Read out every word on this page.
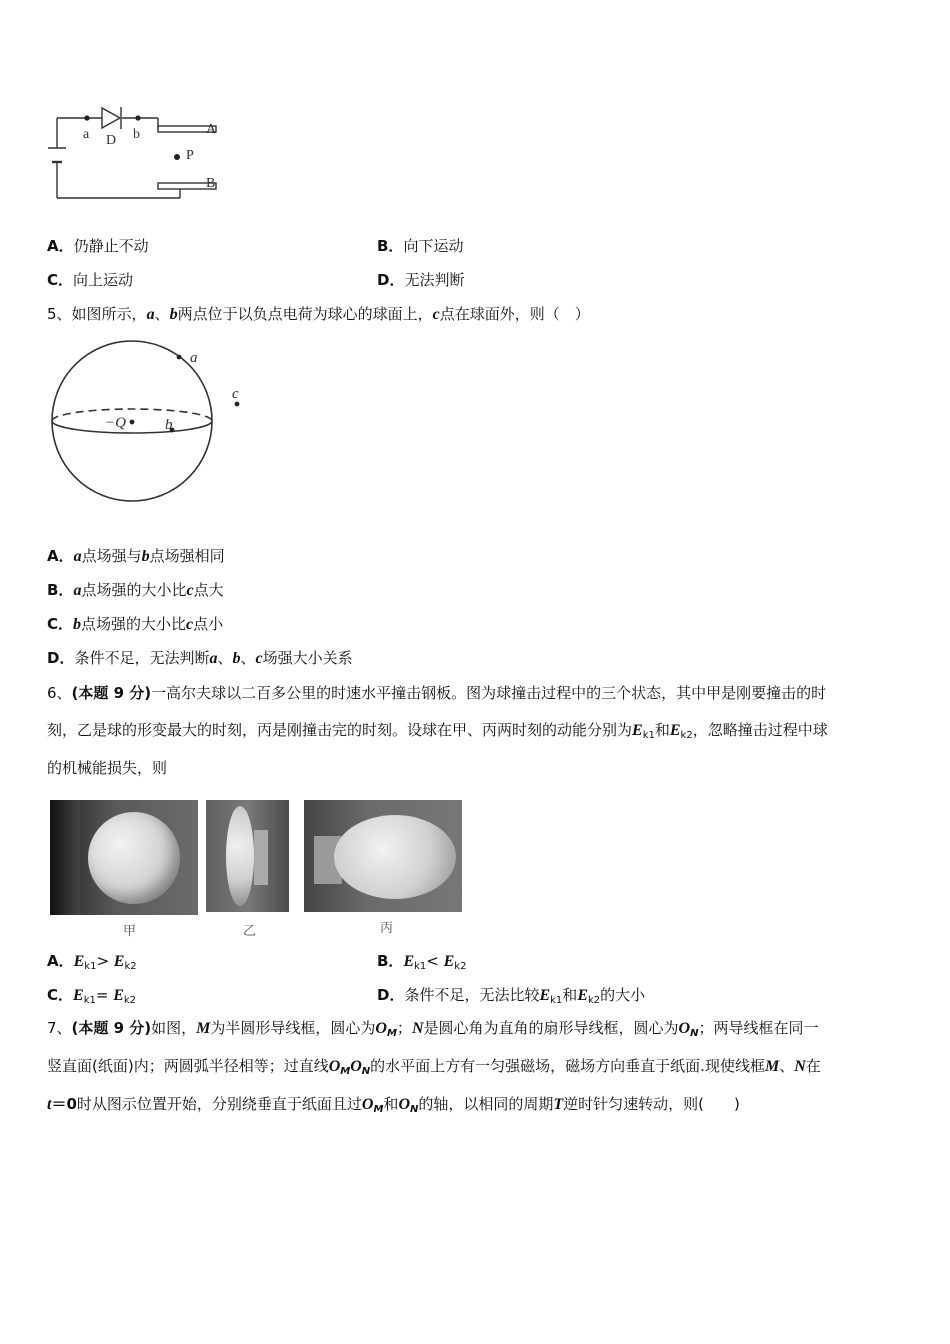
a	b
D
A
B
P
A．仍静止不动	B．向下运动
C．向上运动	D．无法判断
5、如图所示，a、b两点位于以负点电荷为球心的球面上，c点在球面外，则（　）
−Q
a
b
c
A．a点场强与b点场强相同
B．a点场强的大小比c点大
C．b点场强的大小比c点小
D．条件不足，无法判断a、b、c场强大小关系
6、(本题 9 分)一高尔夫球以二百多公里的时速水平撞击钢板。图为球撞击过程中的三个状态，其中甲是刚要撞击的时
刻，乙是球的形变最大的时刻，丙是刚撞击完的时刻。设球在甲、丙两时刻的动能分别为$E_{k1}$和$E_{k2}$，忽略撞击过程中球
的机械能损失，则
甲	乙	丙
A．$E_{k1}> E_{k2}$	B．$E_{k1}< E_{k2}$
C．$E_{k1}= E_{k2}$	D．条件不足，无法比较$E_{k1}$和$E_{k2}$的大小
7、(本题 9 分)如图，M为半圆形导线框，圆心为$O_M$；N是圆心角为直角的扇形导线框，圆心为$O_N$；两导线框在同一
竖直面(纸面)内；两圆弧半径相等；过直线$O_MO_N$的水平面上方有一匀强磁场，磁场方向垂直于纸面.现使线框M、N在
t＝0时从图示位置开始，分别绕垂直于纸面且过$O_M$和$O_N$的轴，以相同的周期T逆时针匀速转动，则(　　)
